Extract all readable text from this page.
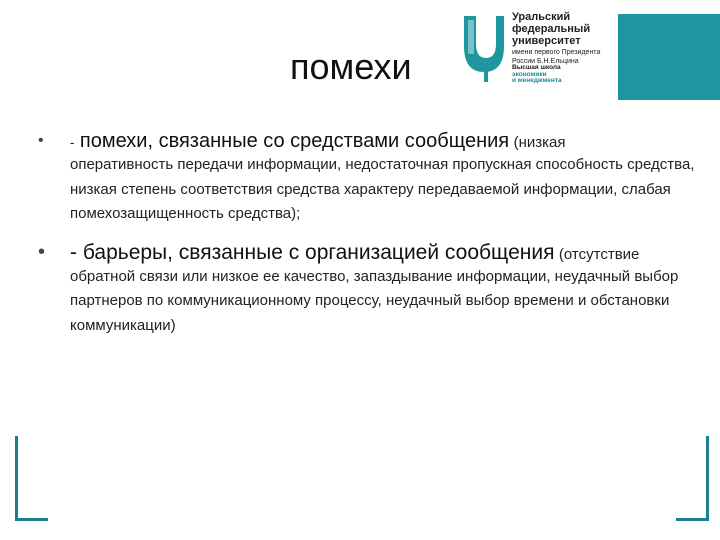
помехи
Уральский
федеральный
университет
имени первого Президента
России Б.Н.Ельцина
Высшая школа
экономики
и менеджмента
• - помехи, связанные со средствами сообщения (низкая
оперативность передачи информации, недостаточная пропускная способность средства, низкая степень соответствия средства характеру передаваемой информации, слабая помехозащищенность средства);
• - барьеры, связанные с организацией сообщения (отсутствие
обратной связи или низкое ее качество, запаздывание информации, неудачный выбор партнеров по коммуникационному процессу, неудачный выбор времени и обстановки коммуникации)
